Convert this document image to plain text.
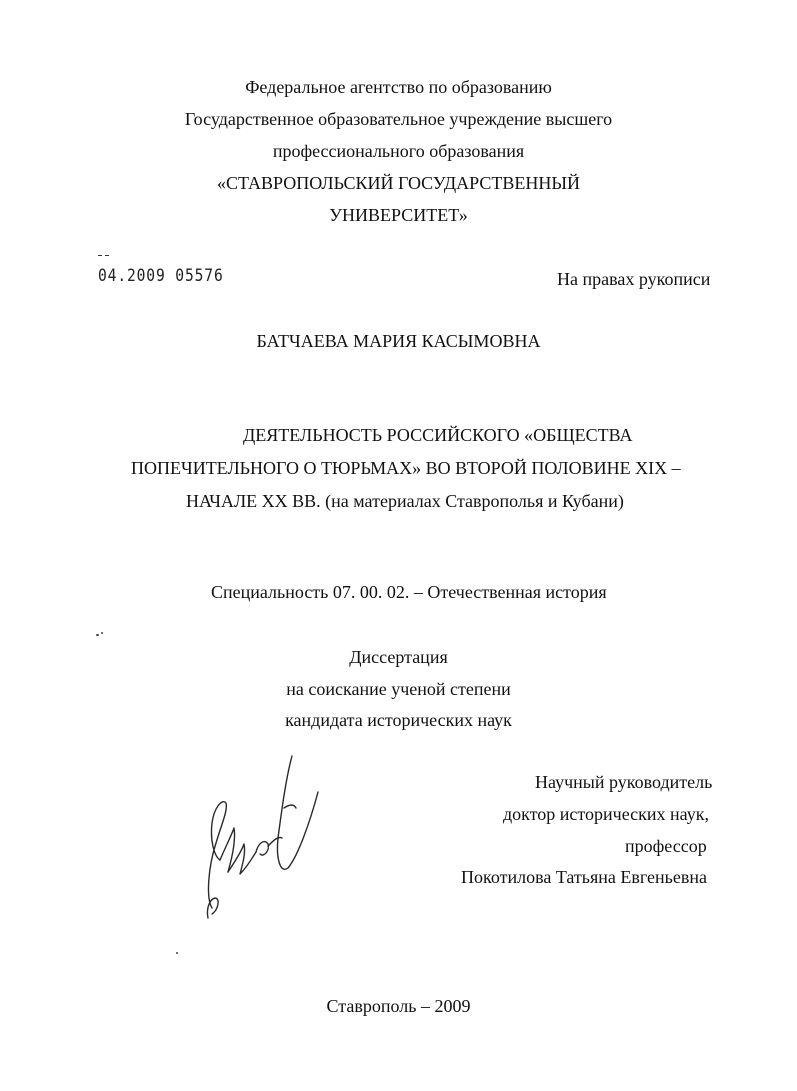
Федеральное агентство по образованию
Государственное образовательное учреждение высшего
профессионального образования
«СТАВРОПОЛЬСКИЙ ГОСУДАРСТВЕННЫЙ
УНИВЕРСИТЕТ»
04.2009 05576	На правах рукописи
БАТЧАЕВА МАРИЯ КАСЫМОВНА
ДЕЯТЕЛЬНОСТЬ РОССИЙСКОГО «ОБЩЕСТВА
ПОПЕЧИТЕЛЬНОГО О ТЮРЬМАХ» ВО ВТОРОЙ ПОЛОВИНЕ XIX –
НАЧАЛЕ XX ВВ. (на материалах Ставрополья и Кубани)
Специальность 07. 00. 02. – Отечественная история
Диссертация
на соискание ученой степени
кандидата исторических наук
Научный руководитель
доктор исторических наук,
профессор
Покотилова Татьяна Евгеньевна
Ставрополь – 2009
